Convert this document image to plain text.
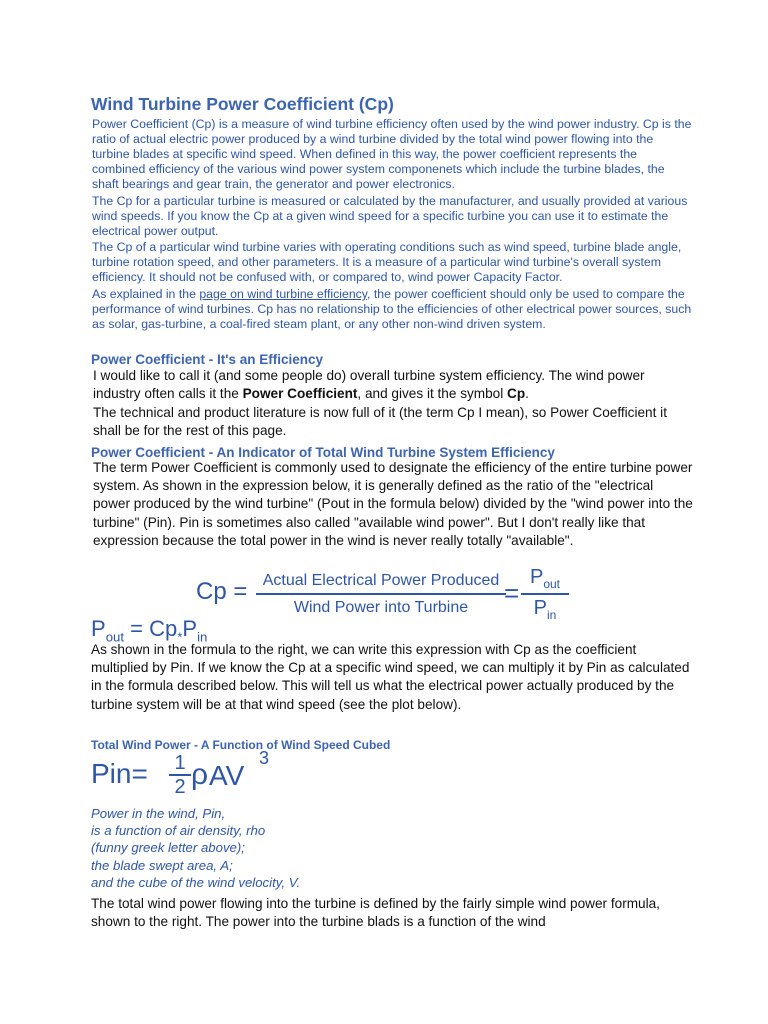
Wind Turbine Power Coefficient (Cp)
Power Coefficient (Cp) is a measure of wind turbine efficiency often used by the wind power industry. Cp is the ratio of actual electric power produced by a wind turbine divided by the total wind power flowing into the turbine blades at specific wind speed. When defined in this way, the power coefficient represents the combined efficiency of the various wind power system componenets which include the turbine blades, the shaft bearings and gear train, the generator and power electronics.
The Cp for a particular turbine is measured or calculated by the manufacturer, and usually provided at various wind speeds. If you know the Cp at a given wind speed for a specific turbine you can use it to estimate the electrical power output.
The Cp of a particular wind turbine varies with operating conditions such as wind speed, turbine blade angle, turbine rotation speed, and other parameters. It is a measure of a particular wind turbine's overall system efficiency. It should not be confused with, or compared to, wind power Capacity Factor.
As explained in the page on wind turbine efficiency, the power coefficient should only be used to compare the performance of wind turbines. Cp has no relationship to the efficiencies of other electrical power sources, such as solar, gas-turbine, a coal-fired steam plant, or any other non-wind driven system.
Power Coefficient - It's an Efficiency
I would like to call it (and some people do) overall turbine system efficiency. The wind power industry often calls it the Power Coefficient, and gives it the symbol Cp.
The technical and product literature is now full of it (the term Cp I mean), so Power Coefficient it shall be for the rest of this page.
Power Coefficient - An Indicator of Total Wind Turbine System Efficiency
The term Power Coefficient is commonly used to designate the efficiency of the entire turbine power system. As shown in the expression below, it is generally defined as the ratio of the "electrical power produced by the wind turbine" (Pout in the formula below) divided by the "wind power into the turbine" (Pin). Pin is sometimes also called "available wind power". But I don't really like that expression because the total power in the wind is never really totally "available".
Cp = Actual Electrical Power Produced
Wind Power into Turbine	=
$P_{out}$
$P_{in}$
$P_{out} = Cp_*P_{in}$
As shown in the formula to the right, we can write this expression with Cp as the coefficient multiplied by Pin. If we know the Cp at a specific wind speed, we can multiply it by Pin as calculated in the formula described below. This will tell us what the electrical power actually produced by the turbine system will be at that wind speed (see the plot below).
Total Wind Power - A Function of Wind Speed Cubed
Pin= 1
2 ρ AV
3
Power in the wind, Pin,
is a function of air density, rho
(funny greek letter above);
the blade swept area, A;
and the cube of the wind velocity, V.
The total wind power flowing into the turbine is defined by the fairly simple wind power formula, shown to the right. The power into the turbine blads is a function of the wind
